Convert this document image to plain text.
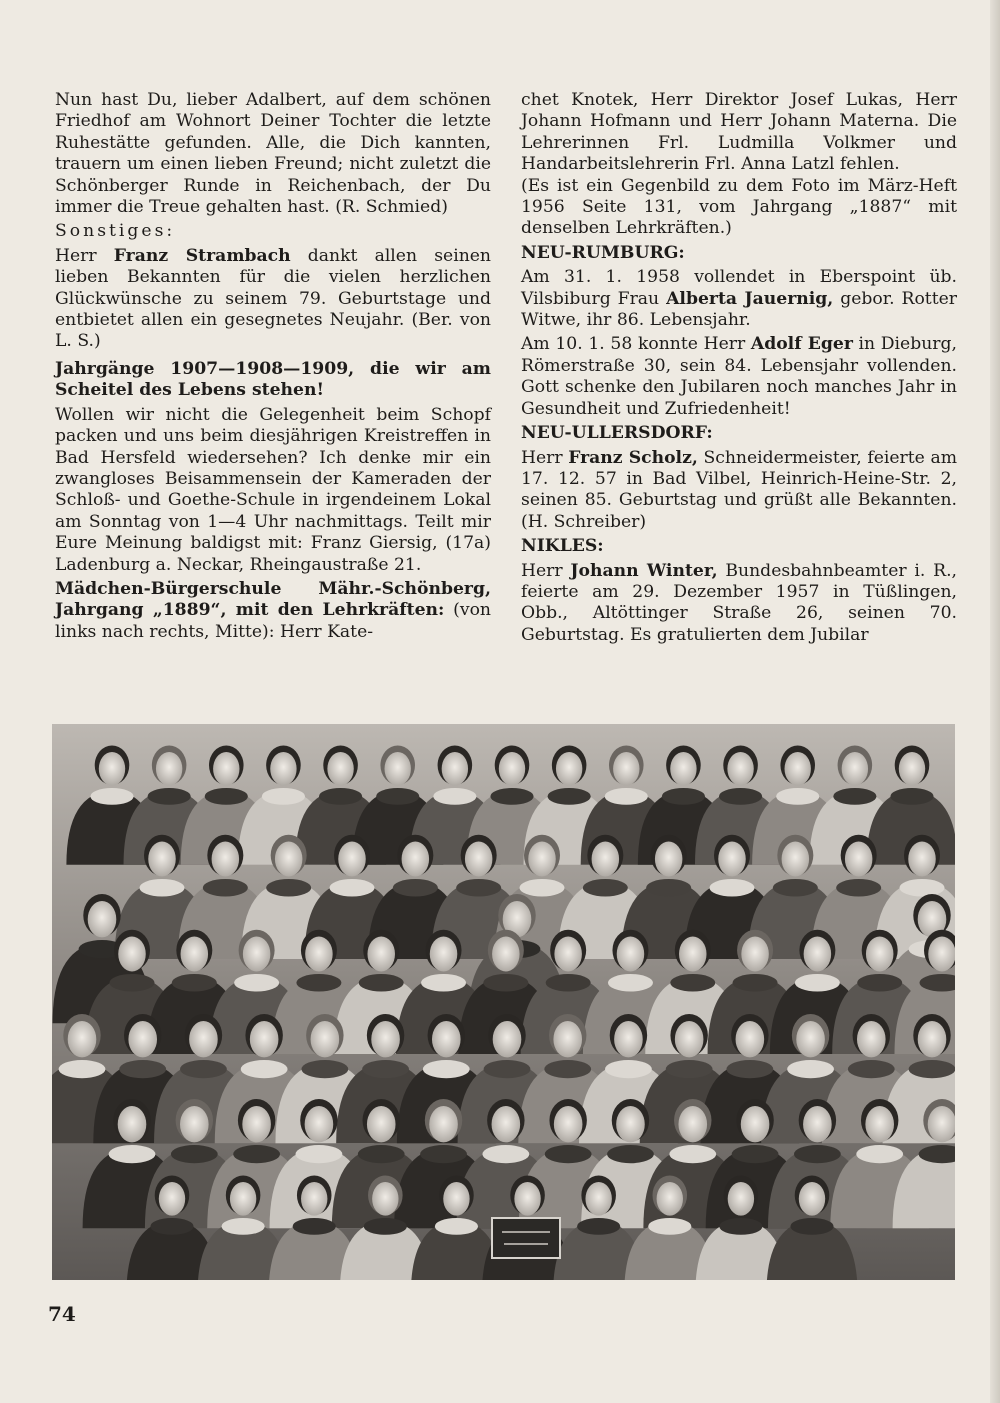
Nun hast Du, lieber Adalbert, auf dem schönen Friedhof am Wohnort Deiner Tochter die letzte Ruhestätte gefunden. Alle, die Dich kannten, trauern um einen lieben Freund; nicht zuletzt die Schönberger Runde in Reichenbach, der Du immer die Treue gehalten hast. (R. Schmied)

Sonstiges:

Herr Franz Strambach dankt allen seinen lieben Bekannten für die vielen herzlichen Glückwünsche zu seinem 79. Geburtstage und entbietet allen ein gesegnetes Neujahr. (Ber. von L. S.)

Jahrgänge 1907—1908—1909, die wir am Scheitel des Lebens stehen!

Wollen wir nicht die Gelegenheit beim Schopf packen und uns beim diesjährigen Kreistreffen in Bad Hersfeld wiedersehen? Ich denke mir ein zwangloses Beisammensein der Kameraden der Schloß- und Goethe-Schule in irgendeinem Lokal am Sonntag von 1—4 Uhr nachmittags. Teilt mir Eure Meinung baldigst mit: Franz Giersig, (17a) Ladenburg a. Neckar, Rheingaustraße 21.

Mädchen-Bürgerschule Mähr.-Schönberg, Jahrgang „1889“, mit den Lehrkräften: (von links nach rechts, Mitte): Herr Kate-

chet Knotek, Herr Direktor Josef Lukas, Herr Johann Hofmann und Herr Johann Materna. Die Lehrerinnen Frl. Ludmilla Volkmer und Handarbeitslehrerin Frl. Anna Latzl fehlen.

(Es ist ein Gegenbild zu dem Foto im März-Heft 1956 Seite 131, vom Jahrgang „1887“ mit denselben Lehrkräften.)

NEU-RUMBURG:

Am 31. 1. 1958 vollendet in Eberspoint üb. Vilsbiburg Frau Alberta Jauernig, gebor. Rotter Witwe, ihr 86. Lebensjahr.

Am 10. 1. 58 konnte Herr Adolf Eger in Dieburg, Römerstraße 30, sein 84. Lebensjahr vollenden. Gott schenke den Jubilaren noch manches Jahr in Gesundheit und Zufriedenheit!

NEU-ULLERSDORF:

Herr Franz Scholz, Schneidermeister, feierte am 17. 12. 57 in Bad Vilbel, Heinrich-Heine-Str. 2, seinen 85. Geburtstag und grüßt alle Bekannten. (H. Schreiber)

NIKLES:

Herr Johann Winter, Bundesbahnbeamter i. R., feierte am 29. Dezember 1957 in Tüßlingen, Obb., Altöttinger Straße 26, seinen 70. Geburtstag. Es gratulierten dem Jubilar

74
